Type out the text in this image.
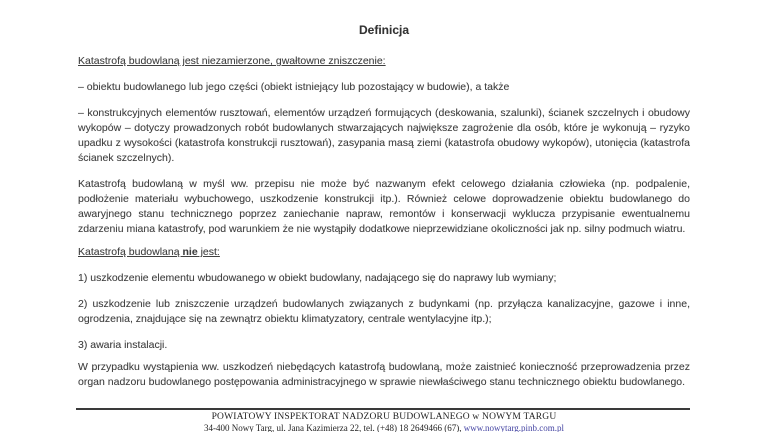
Definicja

Katastrofą budowlaną jest niezamierzone, gwałtowne zniszczenie:

– obiektu budowlanego lub jego części (obiekt istniejący lub pozostający w budowie), a także

– konstrukcyjnych elementów rusztowań, elementów urządzeń formujących (deskowania, szalunki), ścianek szczelnych i obudowy wykopów – dotyczy prowadzonych robót budowlanych stwarzających największe zagrożenie dla osób, które je wykonują – ryzyko upadku z wysokości (katastrofa konstrukcji rusztowań), zasypania masą ziemi (katastrofa obudowy wykopów), utonięcia (katastrofa ścianek szczelnych).

Katastrofą budowlaną w myśl ww. przepisu nie może być nazwanym efekt celowego działania człowieka (np. podpalenie, podłożenie materiału wybuchowego, uszkodzenie konstrukcji itp.). Również celowe doprowadzenie obiektu budowlanego do awaryjnego stanu technicznego poprzez zaniechanie napraw, remontów i konserwacji wyklucza przypisanie ewentualnemu zdarzeniu miana katastrofy, pod warunkiem że nie wystąpiły dodatkowe nieprzewidziane okoliczności jak np. silny podmuch wiatru.

Katastrofą budowlaną nie jest:

1) uszkodzenie elementu wbudowanego w obiekt budowlany, nadającego się do naprawy lub wymiany;

2) uszkodzenie lub zniszczenie urządzeń budowlanych związanych z budynkami (np. przyłącza kanalizacyjne, gazowe i inne, ogrodzenia, znajdujące się na zewnątrz obiektu klimatyzatory, centrale wentylacyjne itp.);

3) awaria instalacji.

W przypadku wystąpienia ww. uszkodzeń niebędących katastrofą budowlaną, może zaistnieć konieczność przeprowadzenia przez organ nadzoru budowlanego postępowania administracyjnego w sprawie niewłaściwego stanu technicznego obiektu budowlanego.

POWIATOWY INSPEKTORAT NADZORU BUDOWLANEGO w NOWYM TARGU
34-400 Nowy Targ, ul. Jana Kazimierza 22, tel. (+48) 18 2649466 (67), www.nowytarg.pinb.com.pl
